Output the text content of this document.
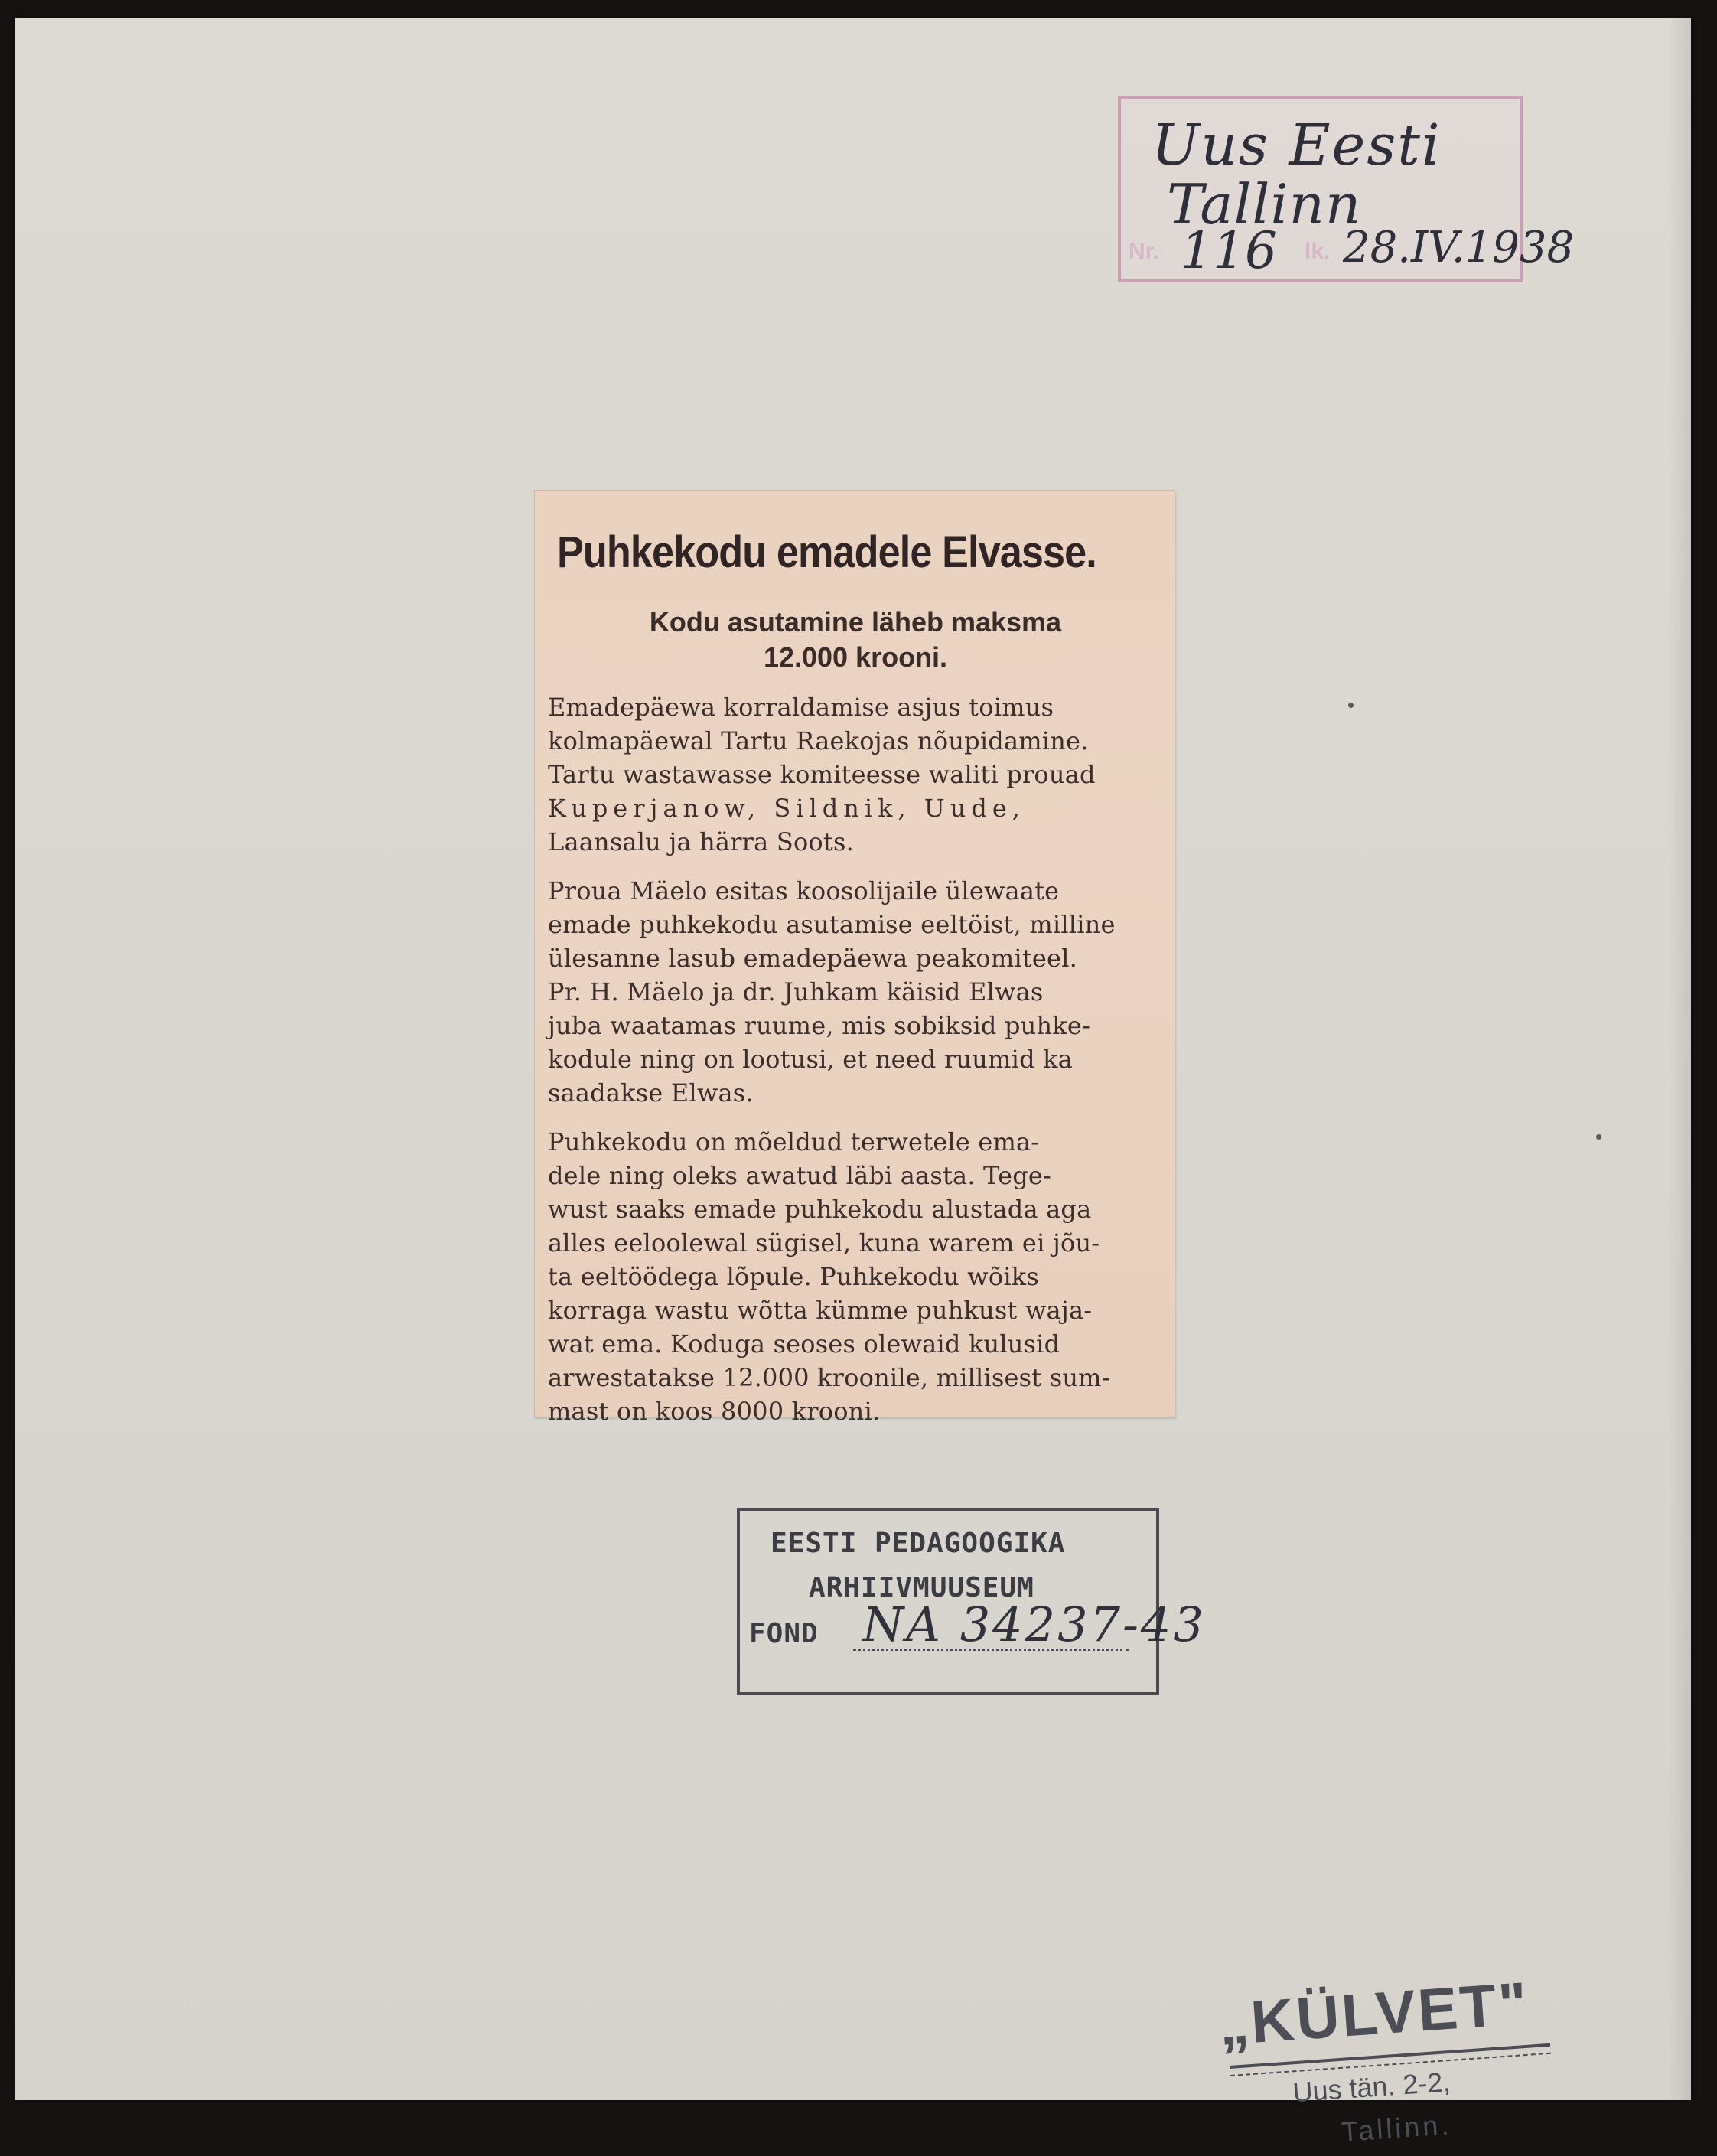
Uus Eesti
Tallinn
Nr. 116 lk. 28.IV.1938
Puhkekodu emadele Elvasse.
Kodu asutamine läheb maksma
12.000 krooni.
Emadepäewa korraldamise asjus toimus
kolmapäewal Tartu Raekojas nõupidamine.
Tartu wastawasse komiteesse waliti prouad
Kuperjanow, Sildnik, Uude,
Laansalu ja härra Soots.
Proua Mäelo esitas koosolijaile ülewaate
emade puhkekodu asutamise eeltöist, milline
ülesanne lasub emadepäewa peakomiteel.
Pr. H. Mäelo ja dr. Juhkam käisid Elwas
juba waatamas ruume, mis sobiksid puhke-
kodule ning on lootusi, et need ruumid ka
saadakse Elwas.
Puhkekodu on mõeldud terwetele ema-
dele ning oleks awatud läbi aasta. Tege-
wust saaks emade puhkekodu alustada aga
alles eeloolewal sügisel, kuna warem ei jõu-
ta eeltöödega lõpule. Puhkekodu wõiks
korraga wastu wõtta kümme puhkust waja-
wat ema. Koduga seoses olewaid kulusid
arwestatakse 12.000 kroonile, millisest sum-
mast on koos 8000 krooni.
EESTI PEDAGOOGIKA
ARHIIVMUUSEUM
FOND NA 34237-43
„KÜLVET"
Uus tän. 2-2,
Tallinn.
